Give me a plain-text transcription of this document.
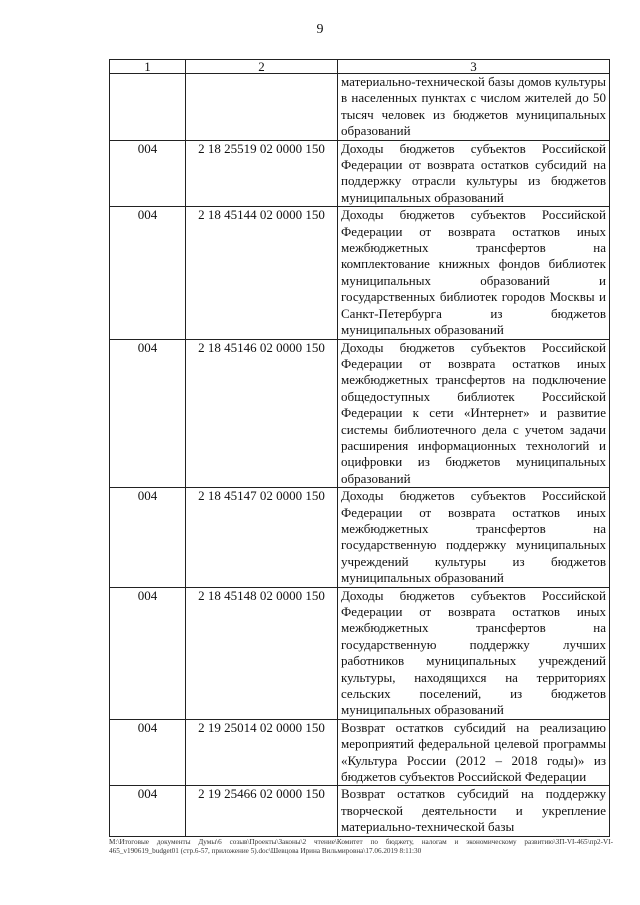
9
1	2	3
		материально-технической базы домов культуры в населенных пунктах с числом жителей до 50 тысяч человек из бюджетов муниципальных образований
004	2 18 25519 02 0000 150	Доходы бюджетов субъектов Российской Федерации от возврата остатков субсидий на поддержку отрасли культуры из бюджетов муниципальных образований
004	2 18 45144 02 0000 150	Доходы бюджетов субъектов Российской Федерации от возврата остатков иных межбюджетных трансфертов на комплектование книжных фондов библиотек муниципальных образований и государственных библиотек городов Москвы и Санкт-Петербурга из бюджетов муниципальных образований
004	2 18 45146 02 0000 150	Доходы бюджетов субъектов Российской Федерации от возврата остатков иных межбюджетных трансфертов на подключение общедоступных библиотек Российской Федерации к сети «Интернет» и развитие системы библиотечного дела с учетом задачи расширения информационных технологий и оцифровки из бюджетов муниципальных образований
004	2 18 45147 02 0000 150	Доходы бюджетов субъектов Российской Федерации от возврата остатков иных межбюджетных трансфертов на государственную поддержку муниципальных учреждений культуры из бюджетов муниципальных образований
004	2 18 45148 02 0000 150	Доходы бюджетов субъектов Российской Федерации от возврата остатков иных межбюджетных трансфертов на государственную поддержку лучших работников муниципальных учреждений культуры, находящихся на территориях сельских поселений, из бюджетов муниципальных образований
004	2 19 25014 02 0000 150	Возврат остатков субсидий на реализацию мероприятий федеральной целевой программы «Культура России (2012 – 2018 годы)» из бюджетов субъектов Российской Федерации
004	2 19 25466 02 0000 150	Возврат остатков субсидий на поддержку творческой деятельности и укрепление материально-технической базы
M:\Итоговые документы Думы\6 созыв\Проекты\Законы\2 чтение\Комитет по бюджету, налогам и экономическому развитию\ЗП-VI-465\пр2-VI-465_v190619_budget01 (стр.6-57, приложение 5).doc\Шевцова Ирина Вильмировна\17.06.2019 8:11:30
